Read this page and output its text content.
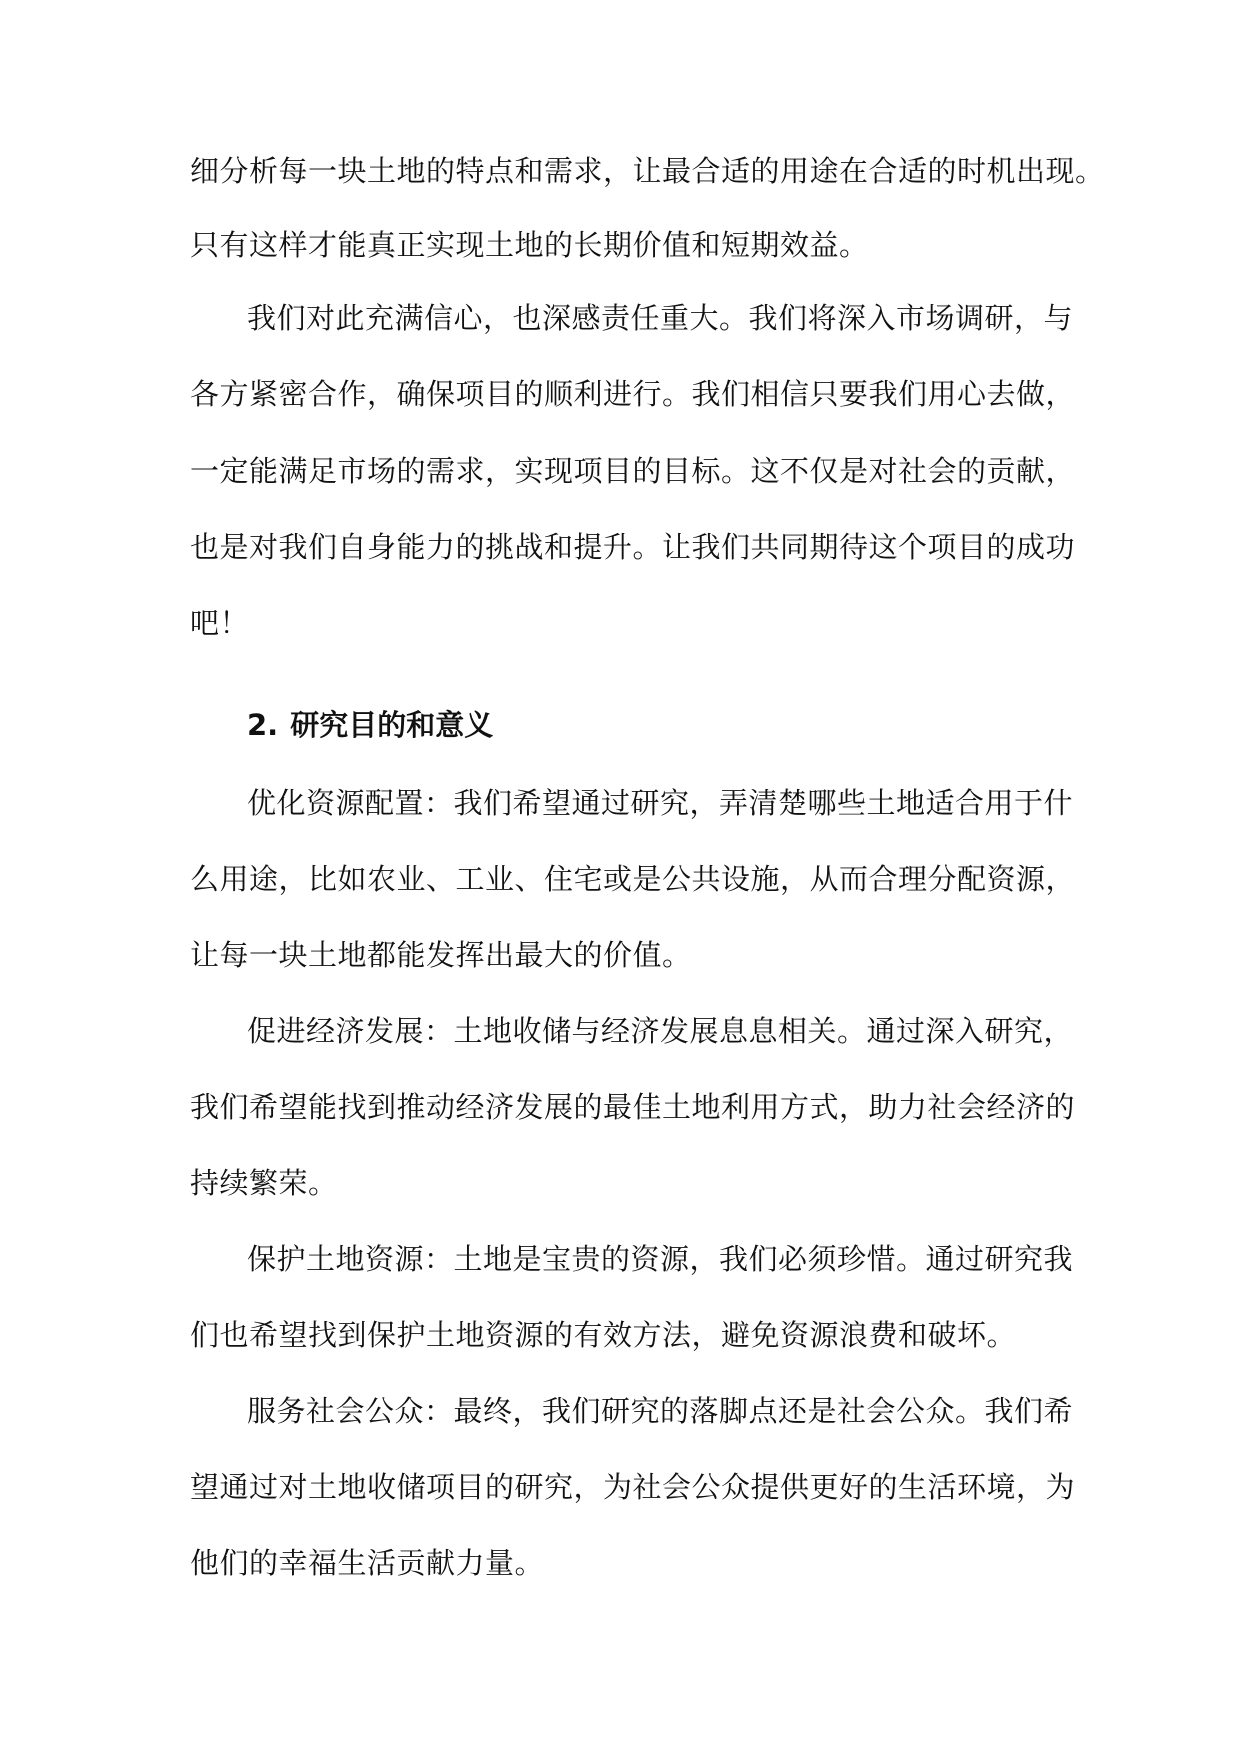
细分析每一块土地的特点和需求，让最合适的用途在合适的时机出现。
只有这样才能真正实现土地的长期价值和短期效益。
我们对此充满信心，也深感责任重大。我们将深入市场调研，与
各方紧密合作，确保项目的顺利进行。我们相信只要我们用心去做，
一定能满足市场的需求，实现项目的目标。这不仅是对社会的贡献，
也是对我们自身能力的挑战和提升。让我们共同期待这个项目的成功
吧！
2. 研究目的和意义
优化资源配置：我们希望通过研究，弄清楚哪些土地适合用于什
么用途，比如农业、工业、住宅或是公共设施，从而合理分配资源，
让每一块土地都能发挥出最大的价值。
促进经济发展：土地收储与经济发展息息相关。通过深入研究，
我们希望能找到推动经济发展的最佳土地利用方式，助力社会经济的
持续繁荣。
保护土地资源：土地是宝贵的资源，我们必须珍惜。通过研究我
们也希望找到保护土地资源的有效方法，避免资源浪费和破坏。
服务社会公众：最终，我们研究的落脚点还是社会公众。我们希
望通过对土地收储项目的研究，为社会公众提供更好的生活环境，为
他们的幸福生活贡献力量。
